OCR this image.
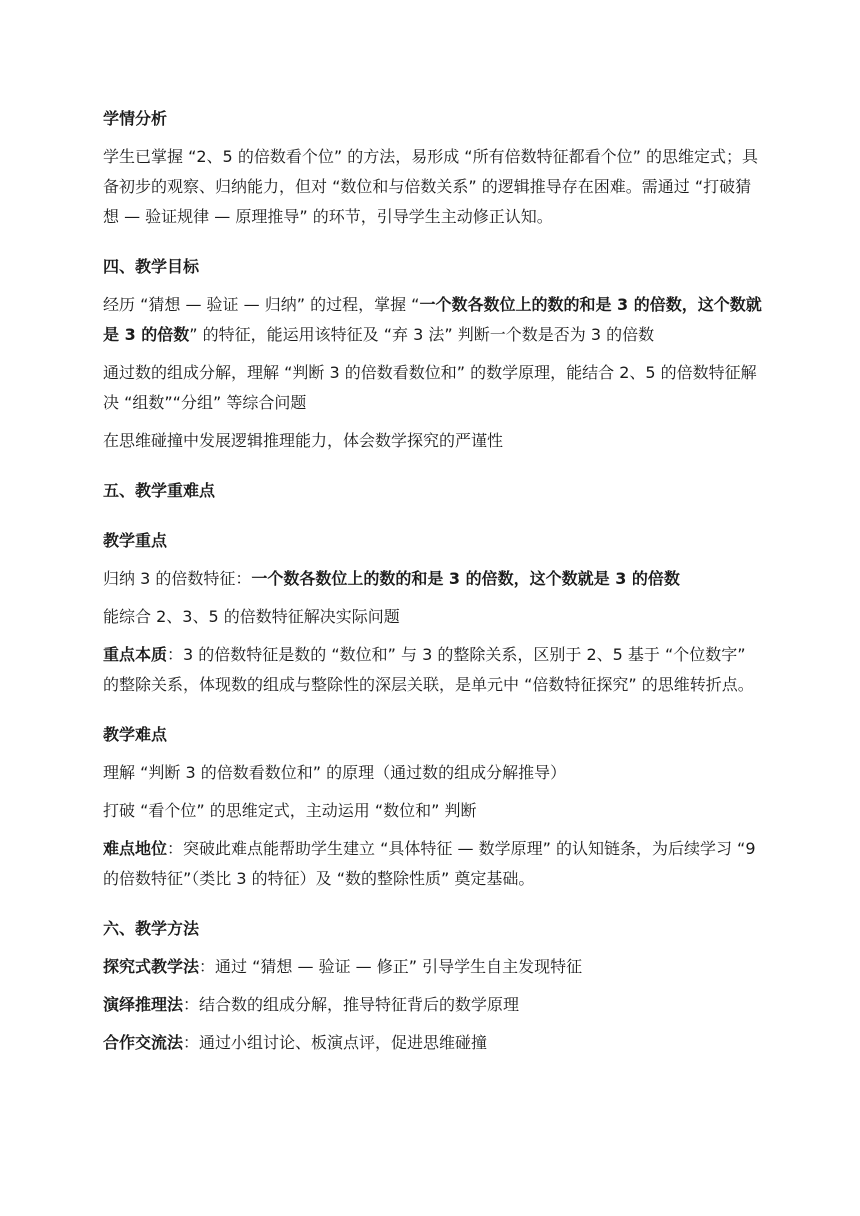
学情分析

学生已掌握 “2、5 的倍数看个位” 的方法，易形成 “所有倍数特征都看个位” 的思维定式；具备初步的观察、归纳能力，但对 “数位和与倍数关系” 的逻辑推导存在困难。需通过 “打破猜想 — 验证规律 — 原理推导” 的环节，引导学生主动修正认知。

四、教学目标

经历 “猜想 — 验证 — 归纳” 的过程，掌握 “一个数各数位上的数的和是 3 的倍数，这个数就是 3 的倍数” 的特征，能运用该特征及 “弃 3 法” 判断一个数是否为 3 的倍数

通过数的组成分解，理解 “判断 3 的倍数看数位和” 的数学原理，能结合 2、5 的倍数特征解决 “组数”“分组” 等综合问题

在思维碰撞中发展逻辑推理能力，体会数学探究的严谨性

五、教学重难点

教学重点

归纳 3 的倍数特征：一个数各数位上的数的和是 3 的倍数，这个数就是 3 的倍数

能综合 2、3、5 的倍数特征解决实际问题

重点本质：3 的倍数特征是数的 “数位和” 与 3 的整除关系，区别于 2、5 基于 “个位数字” 的整除关系，体现数的组成与整除性的深层关联，是单元中 “倍数特征探究” 的思维转折点。

教学难点

理解 “判断 3 的倍数看数位和” 的原理（通过数的组成分解推导）

打破 “看个位” 的思维定式，主动运用 “数位和” 判断

难点地位：突破此难点能帮助学生建立 “具体特征 — 数学原理” 的认知链条，为后续学习 “9 的倍数特征”（类比 3 的特征）及 “数的整除性质” 奠定基础。

六、教学方法

探究式教学法：通过 “猜想 — 验证 — 修正” 引导学生自主发现特征

演绎推理法：结合数的组成分解，推导特征背后的数学原理

合作交流法：通过小组讨论、板演点评，促进思维碰撞
